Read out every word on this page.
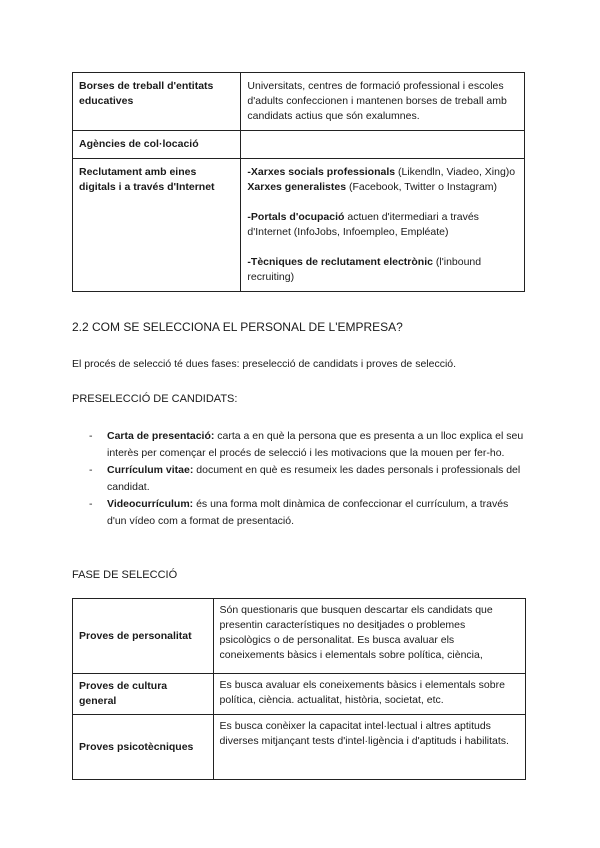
Borses de treball d'entitats educatives	Universitats, centres de formació professional i escoles d'adults confeccionen i mantenen borses de treball amb candidats actius que són exalumnes.
Agències de col·locació	
Reclutament amb eines digitals i a través d'Internet	-Xarxes socials professionals (Likendln, Viadeo, Xing)o Xarxes generalistes (Facebook, Twitter o Instagram)

-Portals d'ocupació actuen d'itermediari a través d'Internet (InfoJobs, Infoempleo, Empléate)

-Tècniques de reclutament electrònic (l'inbound recruiting)

2.2 COM SE SELECCIONA EL PERSONAL DE L'EMPRESA?
El procés de selecció té dues fases: preselecció de candidats i proves de selecció.
PRESELECCIÓ DE CANDIDATS:
- Carta de presentació: carta a en què la persona que es presenta a un lloc explica el seu interès per començar el procés de selecció i les motivacions que la mouen per fer-ho.
- Currículum vitae: document en què es resumeix les dades personals i professionals del candidat.
- Videocurrículum: és una forma molt dinàmica de confeccionar el currículum, a través d'un vídeo com a format de presentació.
FASE DE SELECCIÓ
Proves de personalitat	Són questionaris que busquen descartar els candidats que presentin característiques no desitjades o problemes psicològics o de personalitat. Es busca avaluar els coneixements bàsics i elementals sobre política, ciència,
Proves de cultura general	Es busca avaluar els coneixements bàsics i elementals sobre política, ciència. actualitat, història, societat, etc.
Proves psicotècniques	Es busca conèixer la capacitat intel·lectual i altres aptituds diverses mitjançant tests d'intel·ligència i d'aptituds i habilitats.
